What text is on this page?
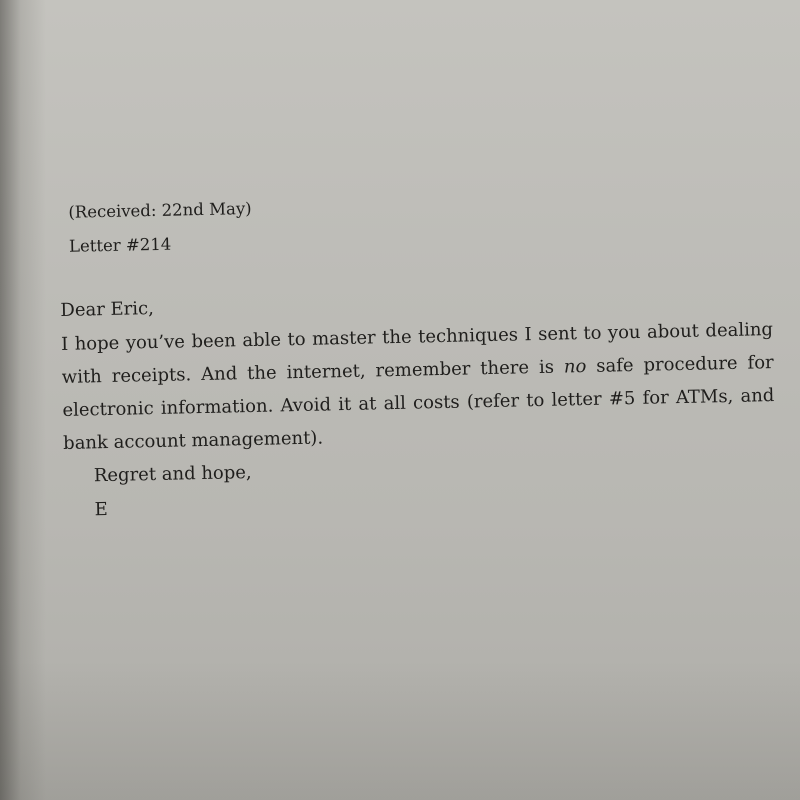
(Received: 22nd May)

Letter #214

Dear Eric,

I hope you’ve been able to master the techniques I sent to you about dealing with receipts. And the internet, remember there is no safe procedure for electronic information. Avoid it at all costs (refer to letter #5 for ATMs, and bank account management).

Regret and hope,

E
